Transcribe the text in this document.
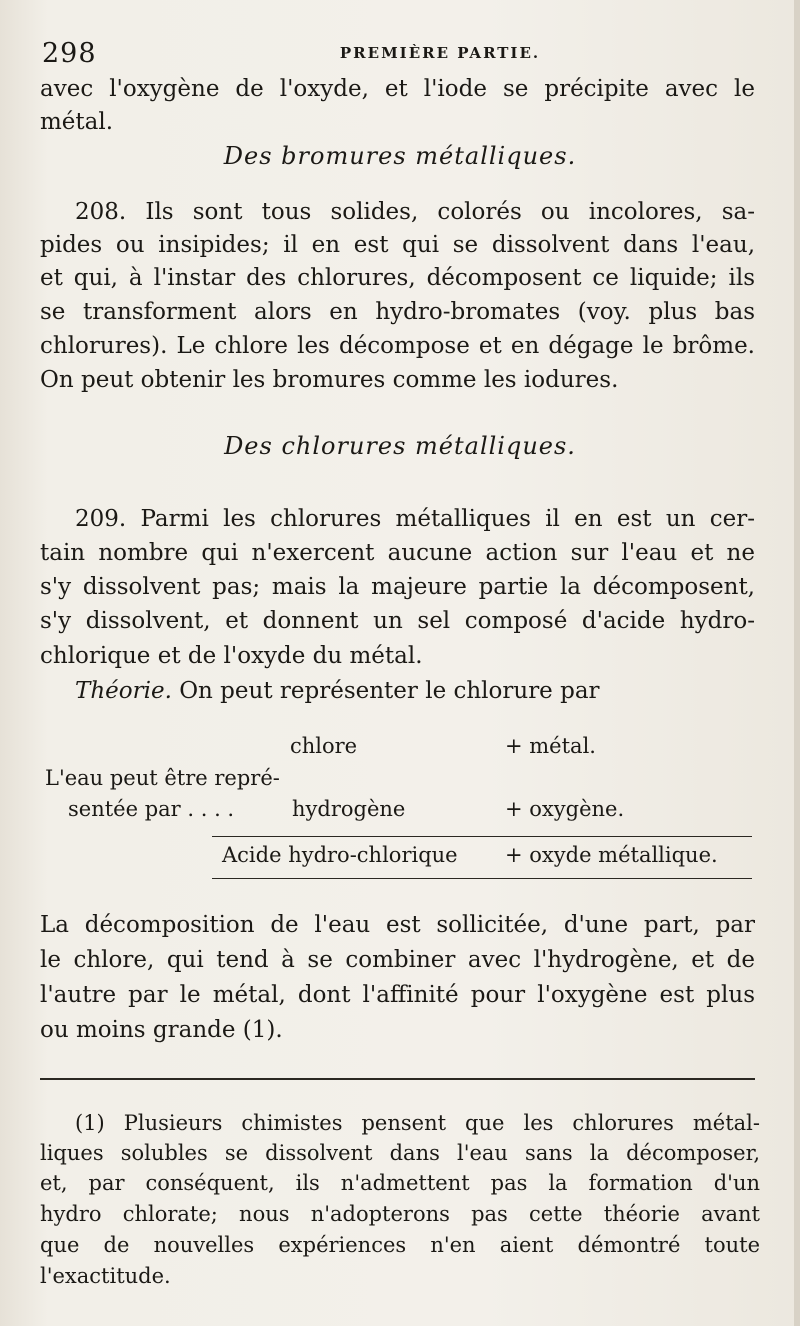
298	PREMIÈRE PARTIE.
avec l'oxygène de l'oxyde, et l'iode se précipite avec le
métal.
Des bromures métalliques.
208. Ils sont tous solides, colorés ou incolores, sa-
pides ou insipides; il en est qui se dissolvent dans l'eau,
et qui, à l'instar des chlorures, décomposent ce liquide; ils
se transforment alors en hydro-bromates (voy. plus bas
chlorures). Le chlore les décompose et en dégage le brôme.
On peut obtenir les bromures comme les iodures.
Des chlorures métalliques.
209. Parmi les chlorures métalliques il en est un cer-
tain nombre qui n'exercent aucune action sur l'eau et ne
s'y dissolvent pas; mais la majeure partie la décomposent,
s'y dissolvent, et donnent un sel composé d'acide hydro-
chlorique et de l'oxyde du métal.
Théorie. On peut représenter le chlorure par
chlore	+ métal.
L'eau peut être repré-
sentée par . . . .	hydrogène	+ oxygène.
Acide hydro-chlorique + oxyde métallique.
La décomposition de l'eau est sollicitée, d'une part, par
le chlore, qui tend à se combiner avec l'hydrogène, et de
l'autre par le métal, dont l'affinité pour l'oxygène est plus
ou moins grande (1).
(1) Plusieurs chimistes pensent que les chlorures métal-
liques solubles se dissolvent dans l'eau sans la décomposer,
et, par conséquent, ils n'admettent pas la formation d'un
hydro chlorate; nous n'adopterons pas cette théorie avant
que de nouvelles expériences n'en aient démontré toute
l'exactitude.
